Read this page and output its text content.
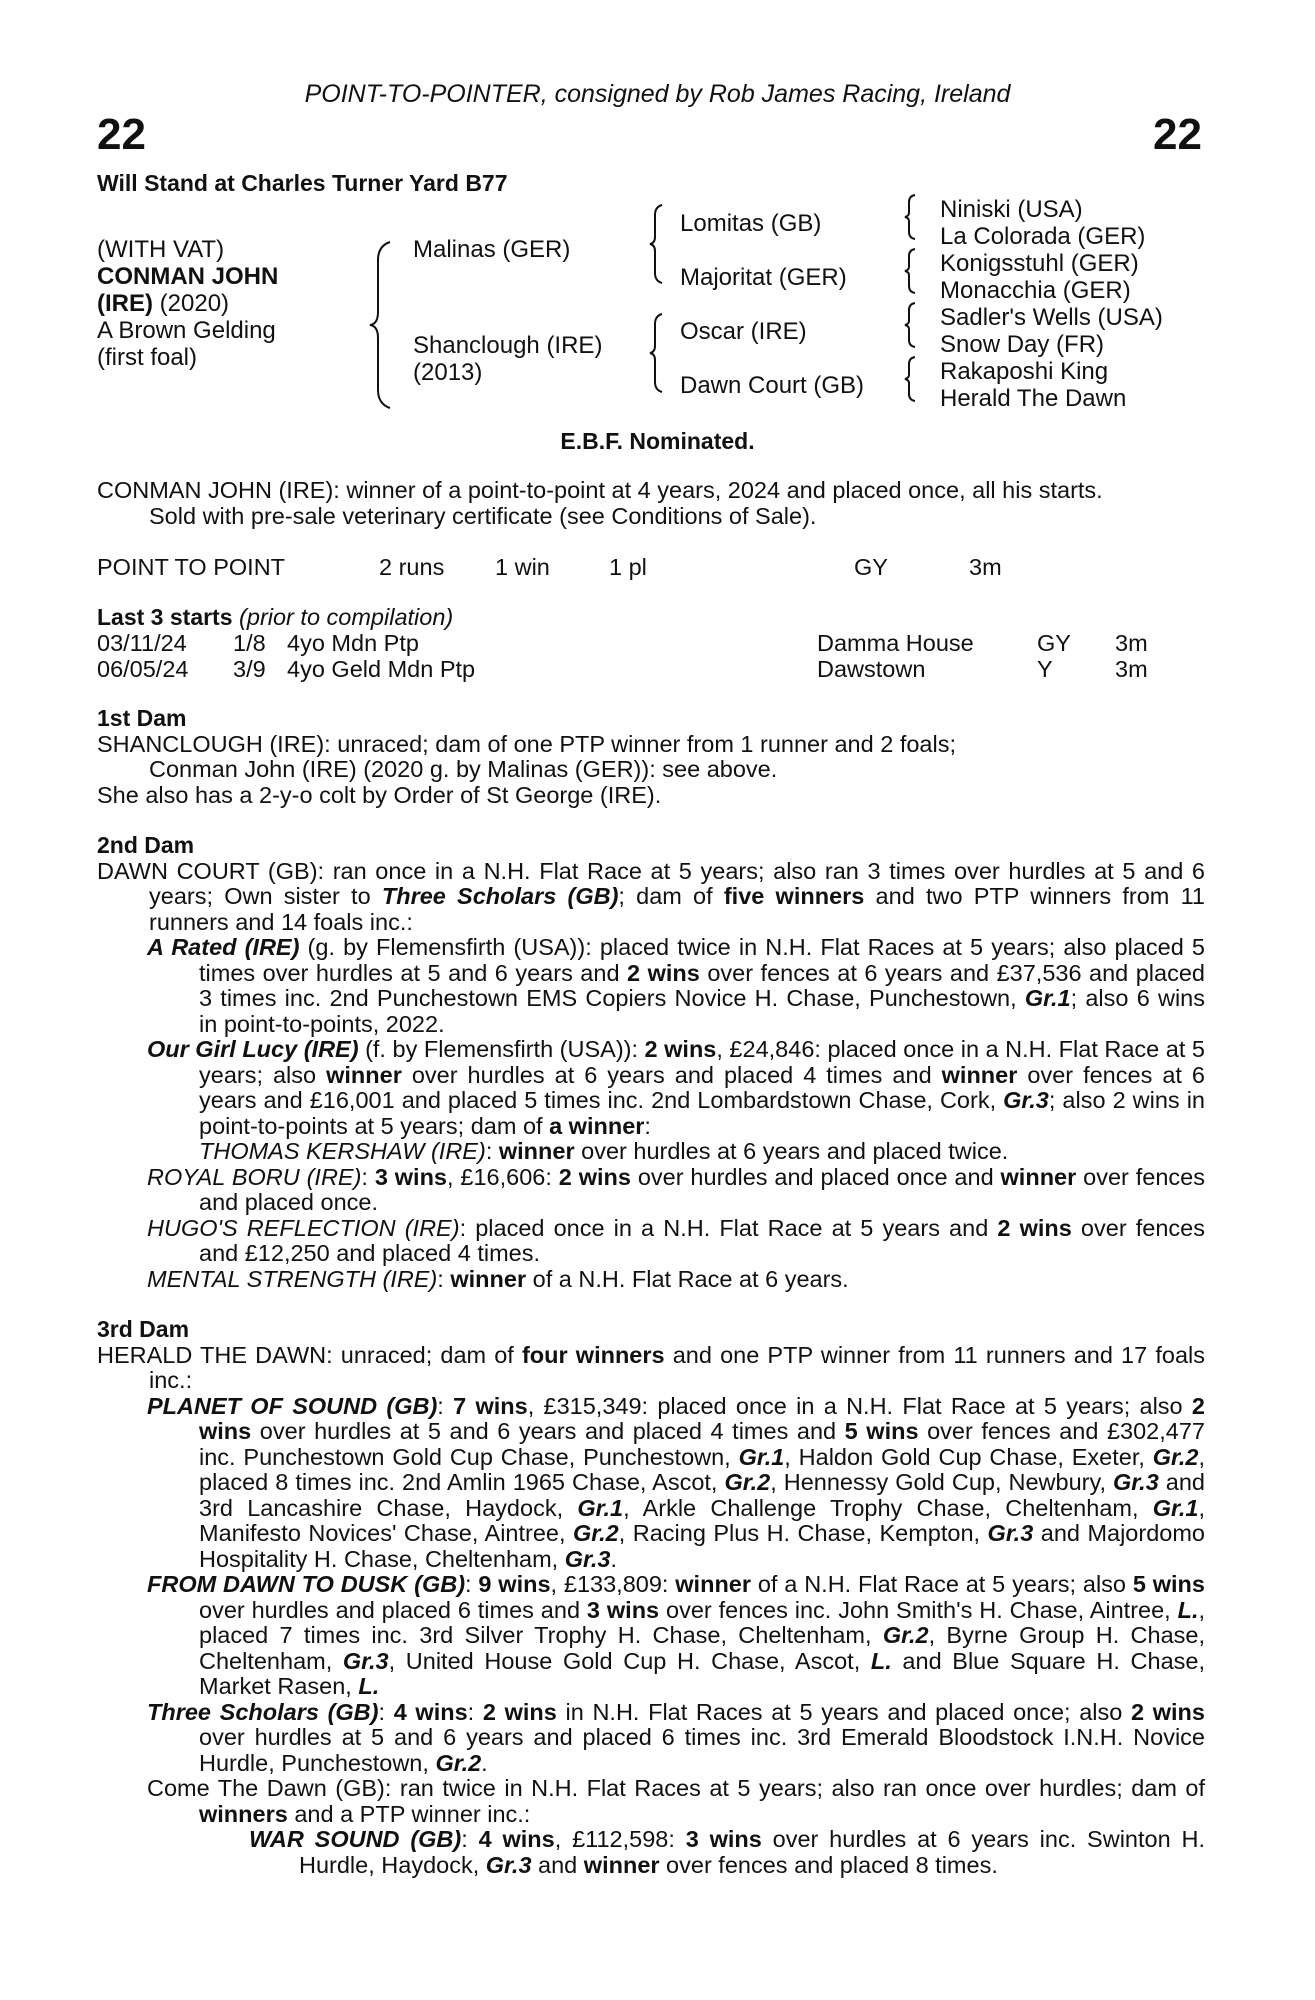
POINT-TO-POINTER, consigned by Rob James Racing, Ireland
22	22
Will Stand at Charles Turner Yard B77
(WITH VAT)
CONMAN JOHN
(IRE) (2020)
A Brown Gelding
(first foal)
Malinas (GER)
Shanclough (IRE)
(2013)
Lomitas (GB)
Majoritat (GER)
Oscar (IRE)
Dawn Court (GB)
Niniski (USA)
La Colorada (GER)
Konigsstuhl (GER)
Monacchia (GER)
Sadler's Wells (USA)
Snow Day (FR)
Rakaposhi King
Herald The Dawn
E.B.F. Nominated.

CONMAN JOHN (IRE): winner of a point-to-point at 4 years, 2024 and placed once, all his starts.

Sold with pre-sale veterinary certificate (see Conditions of Sale).

POINT TO POINT	2 runs 1 win	1 pl	GY	3m
Last 3 starts (prior to compilation)
03/11/24 1/8 4yo Mdn Ptp	Damma House	GY 3m
06/05/24 3/9 4yo Geld Mdn Ptp	Dawstown	Y	3m
1st Dam

SHANCLOUGH (IRE): unraced; dam of one PTP winner from 1 runner and 2 foals;

Conman John (IRE) (2020 g. by Malinas (GER)): see above.

She also has a 2-y-o colt by Order of St George (IRE).

2nd Dam

DAWN COURT (GB): ran once in a N.H. Flat Race at 5 years; also ran 3 times over hurdles at 5 and 6 years; Own sister to Three Scholars (GB); dam of five winners and two PTP winners from 11 runners and 14 foals inc.:

A Rated (IRE) (g. by Flemensfirth (USA)): placed twice in N.H. Flat Races at 5 years; also placed 5 times over hurdles at 5 and 6 years and 2 wins over fences at 6 years and £37,536 and placed 3 times inc. 2nd Punchestown EMS Copiers Novice H. Chase, Punchestown, Gr.1; also 6 wins in point-to-points, 2022.

Our Girl Lucy (IRE) (f. by Flemensfirth (USA)): 2 wins, £24,846: placed once in a N.H. Flat Race at 5 years; also winner over hurdles at 6 years and placed 4 times and winner over fences at 6 years and £16,001 and placed 5 times inc. 2nd Lombardstown Chase, Cork, Gr.3; also 2 wins in point-to-points at 5 years; dam of a winner:

THOMAS KERSHAW (IRE): winner over hurdles at 6 years and placed twice.

ROYAL BORU (IRE): 3 wins, £16,606: 2 wins over hurdles and placed once and winner over fences and placed once.

HUGO'S REFLECTION (IRE): placed once in a N.H. Flat Race at 5 years and 2 wins over fences and £12,250 and placed 4 times.

MENTAL STRENGTH (IRE): winner of a N.H. Flat Race at 6 years.

3rd Dam

HERALD THE DAWN: unraced; dam of four winners and one PTP winner from 11 runners and 17 foals inc.:

PLANET OF SOUND (GB): 7 wins, £315,349: placed once in a N.H. Flat Race at 5 years; also 2 wins over hurdles at 5 and 6 years and placed 4 times and 5 wins over fences and £302,477 inc. Punchestown Gold Cup Chase, Punchestown, Gr.1, Haldon Gold Cup Chase, Exeter, Gr.2, placed 8 times inc. 2nd Amlin 1965 Chase, Ascot, Gr.2, Hennessy Gold Cup, Newbury, Gr.3 and 3rd Lancashire Chase, Haydock, Gr.1, Arkle Challenge Trophy Chase, Cheltenham, Gr.1, Manifesto Novices' Chase, Aintree, Gr.2, Racing Plus H. Chase, Kempton, Gr.3 and Majordomo Hospitality H. Chase, Cheltenham, Gr.3.

FROM DAWN TO DUSK (GB): 9 wins, £133,809: winner of a N.H. Flat Race at 5 years; also 5 wins over hurdles and placed 6 times and 3 wins over fences inc. John Smith's H. Chase, Aintree, L., placed 7 times inc. 3rd Silver Trophy H. Chase, Cheltenham, Gr.2, Byrne Group H. Chase, Cheltenham, Gr.3, United House Gold Cup H. Chase, Ascot, L. and Blue Square H. Chase, Market Rasen, L.

Three Scholars (GB): 4 wins: 2 wins in N.H. Flat Races at 5 years and placed once; also 2 wins over hurdles at 5 and 6 years and placed 6 times inc. 3rd Emerald Bloodstock I.N.H. Novice Hurdle, Punchestown, Gr.2.

Come The Dawn (GB): ran twice in N.H. Flat Races at 5 years; also ran once over hurdles; dam of winners and a PTP winner inc.:

WAR SOUND (GB): 4 wins, £112,598: 3 wins over hurdles at 6 years inc. Swinton H. Hurdle, Haydock, Gr.3 and winner over fences and placed 8 times.
